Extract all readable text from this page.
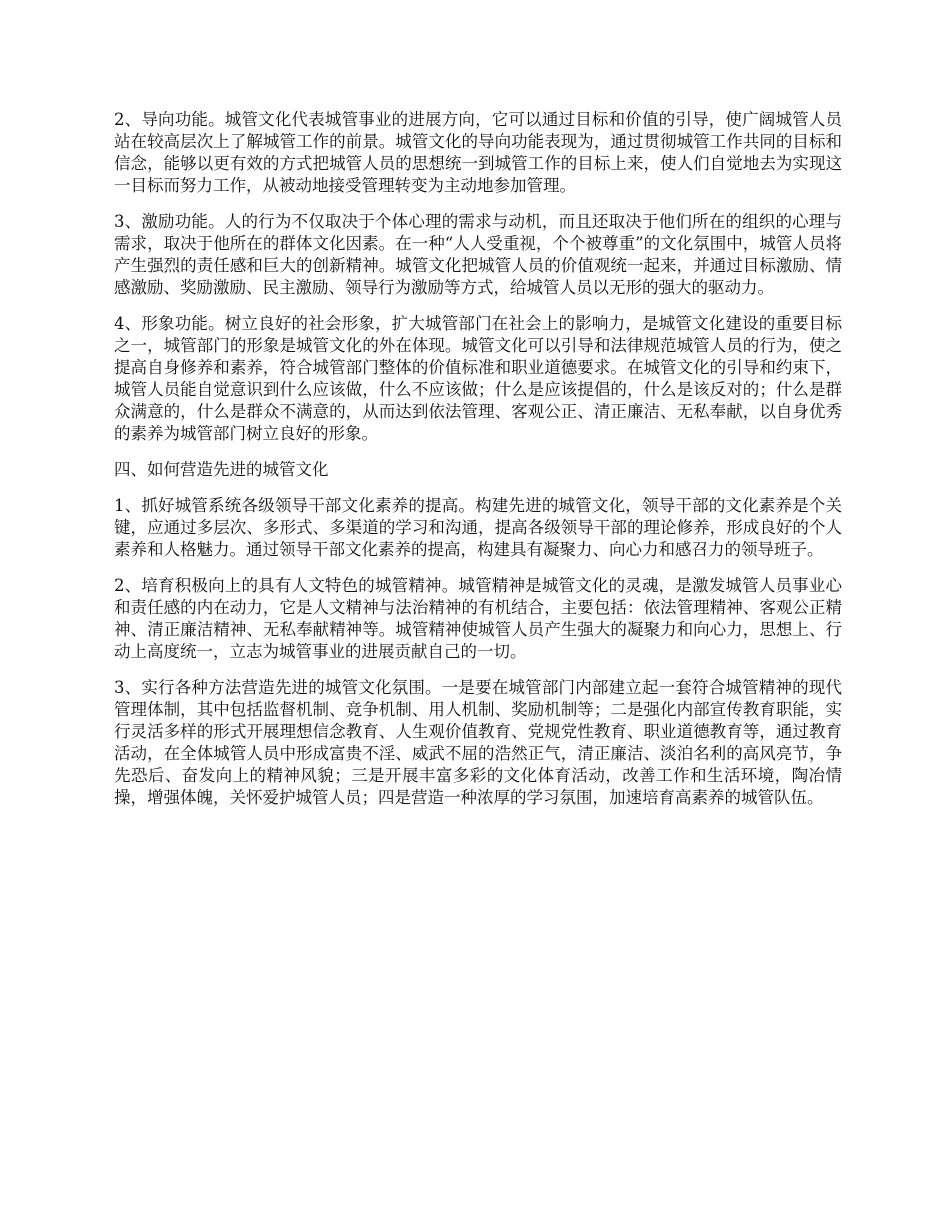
2、导向功能。城管文化代表城管事业的进展方向，它可以通过目标和价值的引导，使广阔城管人员站在较高层次上了解城管工作的前景。城管文化的导向功能表现为，通过贯彻城管工作共同的目标和信念，能够以更有效的方式把城管人员的思想统一到城管工作的目标上来，使人们自觉地去为实现这一目标而努力工作，从被动地接受管理转变为主动地参加管理。

3、激励功能。人的行为不仅取决于个体心理的需求与动机，而且还取决于他们所在的组织的心理与需求，取决于他所在的群体文化因素。在一种“人人受重视，个个被尊重”的文化氛围中，城管人员将产生强烈的责任感和巨大的创新精神。城管文化把城管人员的价值观统一起来，并通过目标激励、情感激励、奖励激励、民主激励、领导行为激励等方式，给城管人员以无形的强大的驱动力。

4、形象功能。树立良好的社会形象，扩大城管部门在社会上的影响力，是城管文化建设的重要目标之一，城管部门的形象是城管文化的外在体现。城管文化可以引导和法律规范城管人员的行为，使之提高自身修养和素养，符合城管部门整体的价值标准和职业道德要求。在城管文化的引导和约束下，城管人员能自觉意识到什么应该做，什么不应该做；什么是应该提倡的，什么是该反对的；什么是群众满意的，什么是群众不满意的，从而达到依法管理、客观公正、清正廉洁、无私奉献，以自身优秀的素养为城管部门树立良好的形象。

四、如何营造先进的城管文化

1、抓好城管系统各级领导干部文化素养的提高。构建先进的城管文化，领导干部的文化素养是个关键，应通过多层次、多形式、多渠道的学习和沟通，提高各级领导干部的理论修养，形成良好的个人素养和人格魅力。通过领导干部文化素养的提高，构建具有凝聚力、向心力和感召力的领导班子。

2、培育积极向上的具有人文特色的城管精神。城管精神是城管文化的灵魂，是激发城管人员事业心和责任感的内在动力，它是人文精神与法治精神的有机结合，主要包括：依法管理精神、客观公正精神、清正廉洁精神、无私奉献精神等。城管精神使城管人员产生强大的凝聚力和向心力，思想上、行动上高度统一，立志为城管事业的进展贡献自己的一切。

3、实行各种方法营造先进的城管文化氛围。一是要在城管部门内部建立起一套符合城管精神的现代管理体制，其中包括监督机制、竞争机制、用人机制、奖励机制等；二是强化内部宣传教育职能，实行灵活多样的形式开展理想信念教育、人生观价值教育、党规党性教育、职业道德教育等，通过教育活动，在全体城管人员中形成富贵不淫、威武不屈的浩然正气，清正廉洁、淡泊名利的高风亮节，争先恐后、奋发向上的精神风貌；三是开展丰富多彩的文化体育活动，改善工作和生活环境，陶冶情操，增强体魄，关怀爱护城管人员；四是营造一种浓厚的学习氛围，加速培育高素养的城管队伍。
